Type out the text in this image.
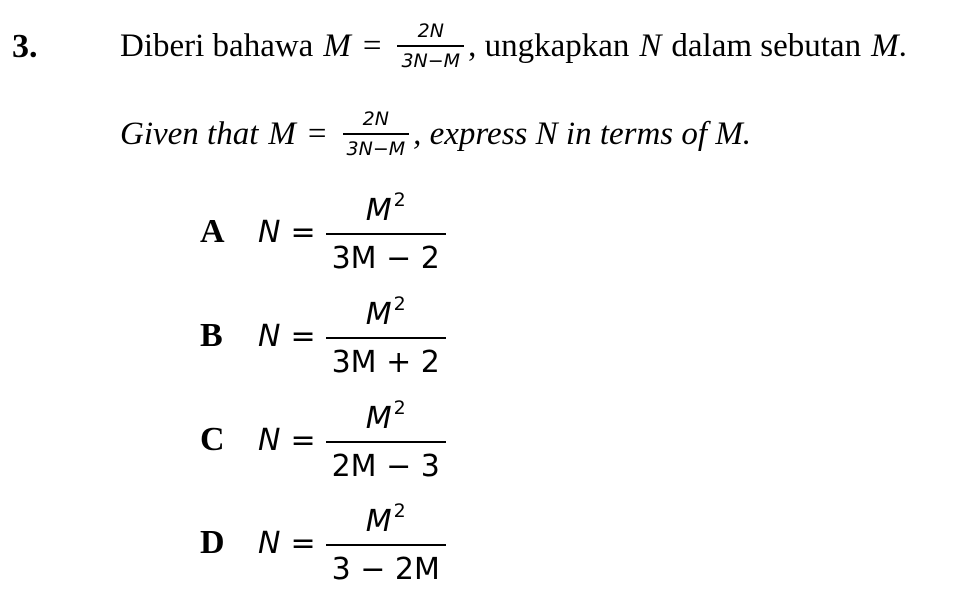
3.	Diberi bahawa $M = \frac{2N}{3N-M}$ , ungkapkan N dalam sebutan M .
Given that $M = \frac{2N}{3N-M}$ , express N in terms of M.
A	$N = \frac{M ^2}{3M - 2}$
B	$N = \frac{M ^2}{3M + 2}$
C	$N = \frac{M ^2}{2M - 3}$
D	$N = \frac{M ^2}{3 - 2M}$
